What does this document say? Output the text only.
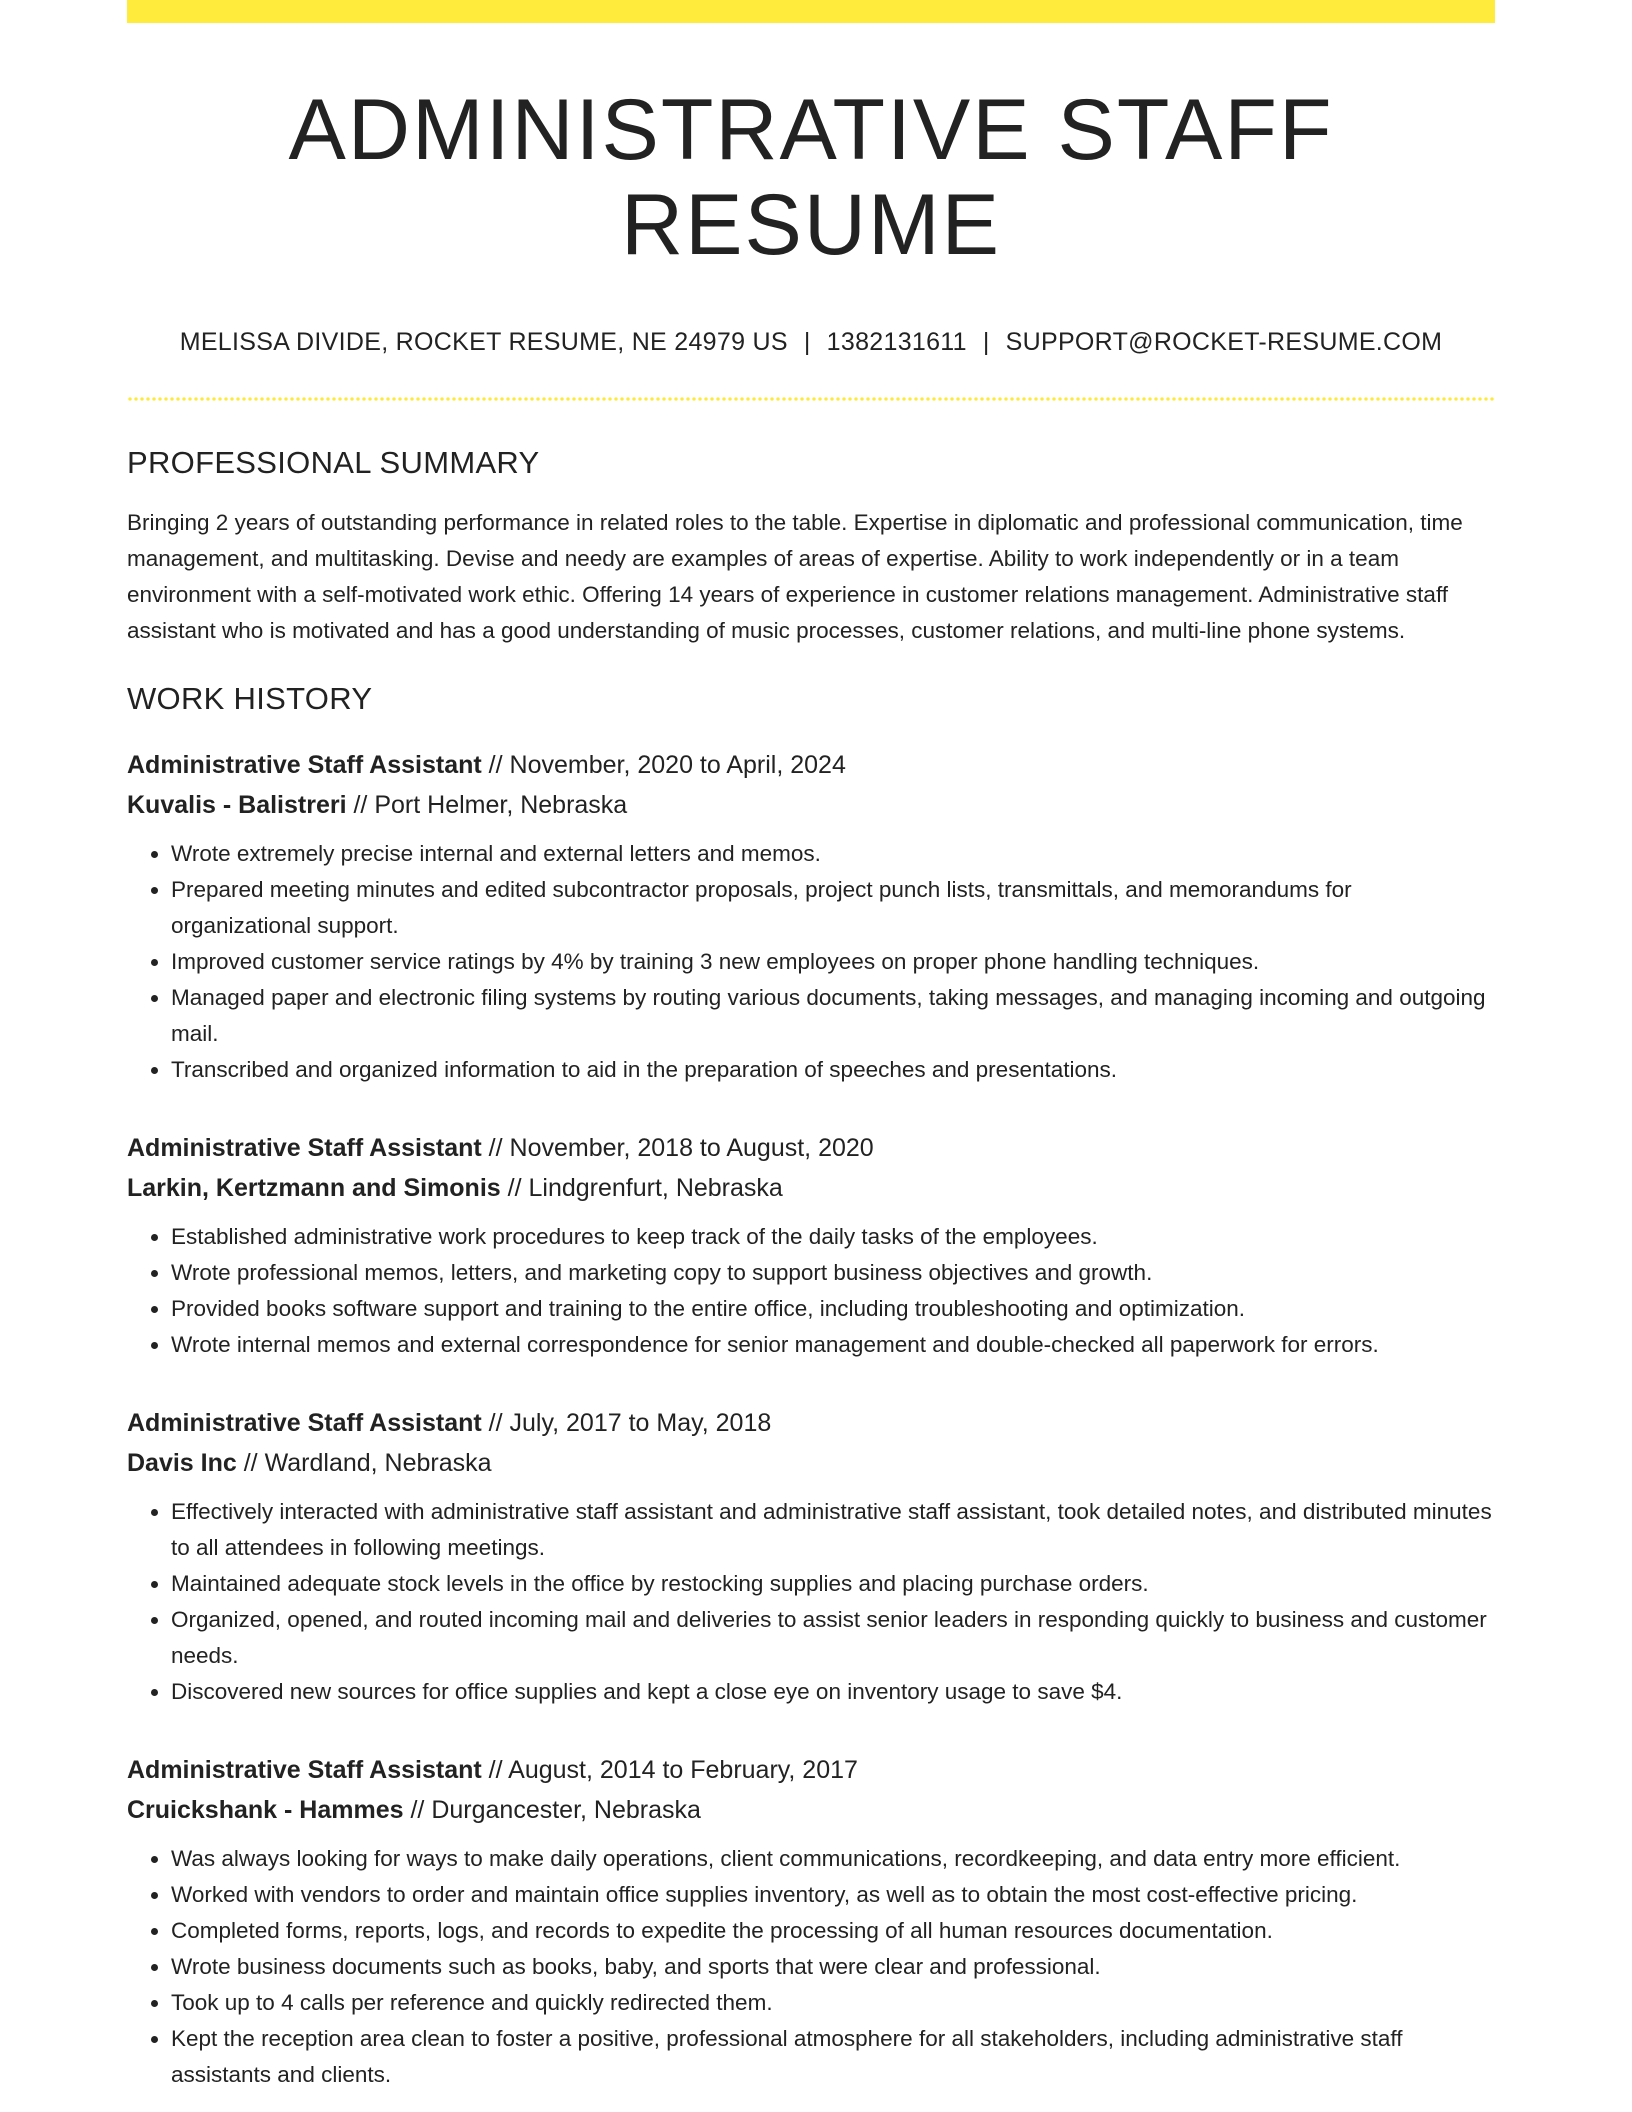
ADMINISTRATIVE STAFF RESUME
MELISSA DIVIDE, ROCKET RESUME, NE 24979 US | 1382131611 | SUPPORT@ROCKET-RESUME.COM
PROFESSIONAL SUMMARY

Bringing 2 years of outstanding performance in related roles to the table. Expertise in diplomatic and professional communication, time management, and multitasking. Devise and needy are examples of areas of expertise. Ability to work independently or in a team environment with a self-motivated work ethic. Offering 14 years of experience in customer relations management. Administrative staff assistant who is motivated and has a good understanding of music processes, customer relations, and multi-line phone systems.

WORK HISTORY
Administrative Staff Assistant // November, 2020 to April, 2024
Kuvalis - Balistreri // Port Helmer, Nebraska
• Wrote extremely precise internal and external letters and memos.
• Prepared meeting minutes and edited subcontractor proposals, project punch lists, transmittals, and memorandums for organizational support.
• Improved customer service ratings by 4% by training 3 new employees on proper phone handling techniques.
• Managed paper and electronic filing systems by routing various documents, taking messages, and managing incoming and outgoing mail.
• Transcribed and organized information to aid in the preparation of speeches and presentations.
Administrative Staff Assistant // November, 2018 to August, 2020
Larkin, Kertzmann and Simonis // Lindgrenfurt, Nebraska
• Established administrative work procedures to keep track of the daily tasks of the employees.
• Wrote professional memos, letters, and marketing copy to support business objectives and growth.
• Provided books software support and training to the entire office, including troubleshooting and optimization.
• Wrote internal memos and external correspondence for senior management and double-checked all paperwork for errors.
Administrative Staff Assistant // July, 2017 to May, 2018
Davis Inc // Wardland, Nebraska
• Effectively interacted with administrative staff assistant and administrative staff assistant, took detailed notes, and distributed minutes to all attendees in following meetings.
• Maintained adequate stock levels in the office by restocking supplies and placing purchase orders.
• Organized, opened, and routed incoming mail and deliveries to assist senior leaders in responding quickly to business and customer needs.
• Discovered new sources for office supplies and kept a close eye on inventory usage to save $4.
Administrative Staff Assistant // August, 2014 to February, 2017
Cruickshank - Hammes // Durgancester, Nebraska
• Was always looking for ways to make daily operations, client communications, recordkeeping, and data entry more efficient.
• Worked with vendors to order and maintain office supplies inventory, as well as to obtain the most cost-effective pricing.
• Completed forms, reports, logs, and records to expedite the processing of all human resources documentation.
• Wrote business documents such as books, baby, and sports that were clear and professional.
• Took up to 4 calls per reference and quickly redirected them.
• Kept the reception area clean to foster a positive, professional atmosphere for all stakeholders, including administrative staff assistants and clients.
